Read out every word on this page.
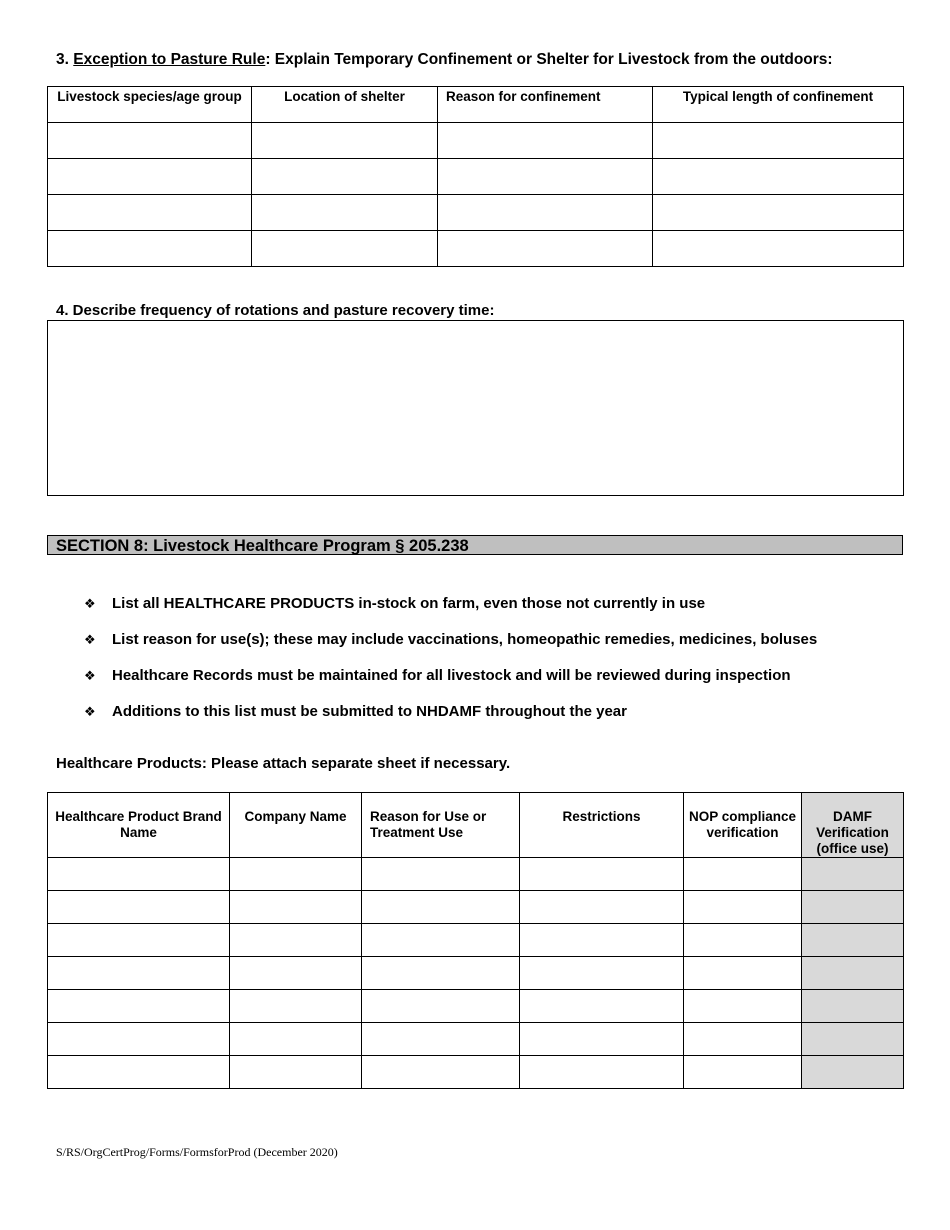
3. Exception to Pasture Rule: Explain Temporary Confinement or Shelter for Livestock from the outdoors:
Livestock species/age group	Location of shelter	Reason for confinement	Typical length of confinement

4. Describe frequency of rotations and pasture recovery time:
SECTION 8: Livestock Healthcare Program § 205.238
❖ List all HEALTHCARE PRODUCTS in-stock on farm, even those not currently in use
❖ List reason for use(s); these may include vaccinations, homeopathic remedies, medicines, boluses
❖ Healthcare Records must be maintained for all livestock and will be reviewed during inspection
❖ Additions to this list must be submitted to NHDAMF throughout the year
Healthcare Products: Please attach separate sheet if necessary.
Healthcare Product Brand Name	Company Name	Reason for Use or Treatment Use	Restrictions	NOP compliance verification	DAMF Verification (office use)

S/RS/OrgCertProg/Forms/FormsforProd (December 2020)
